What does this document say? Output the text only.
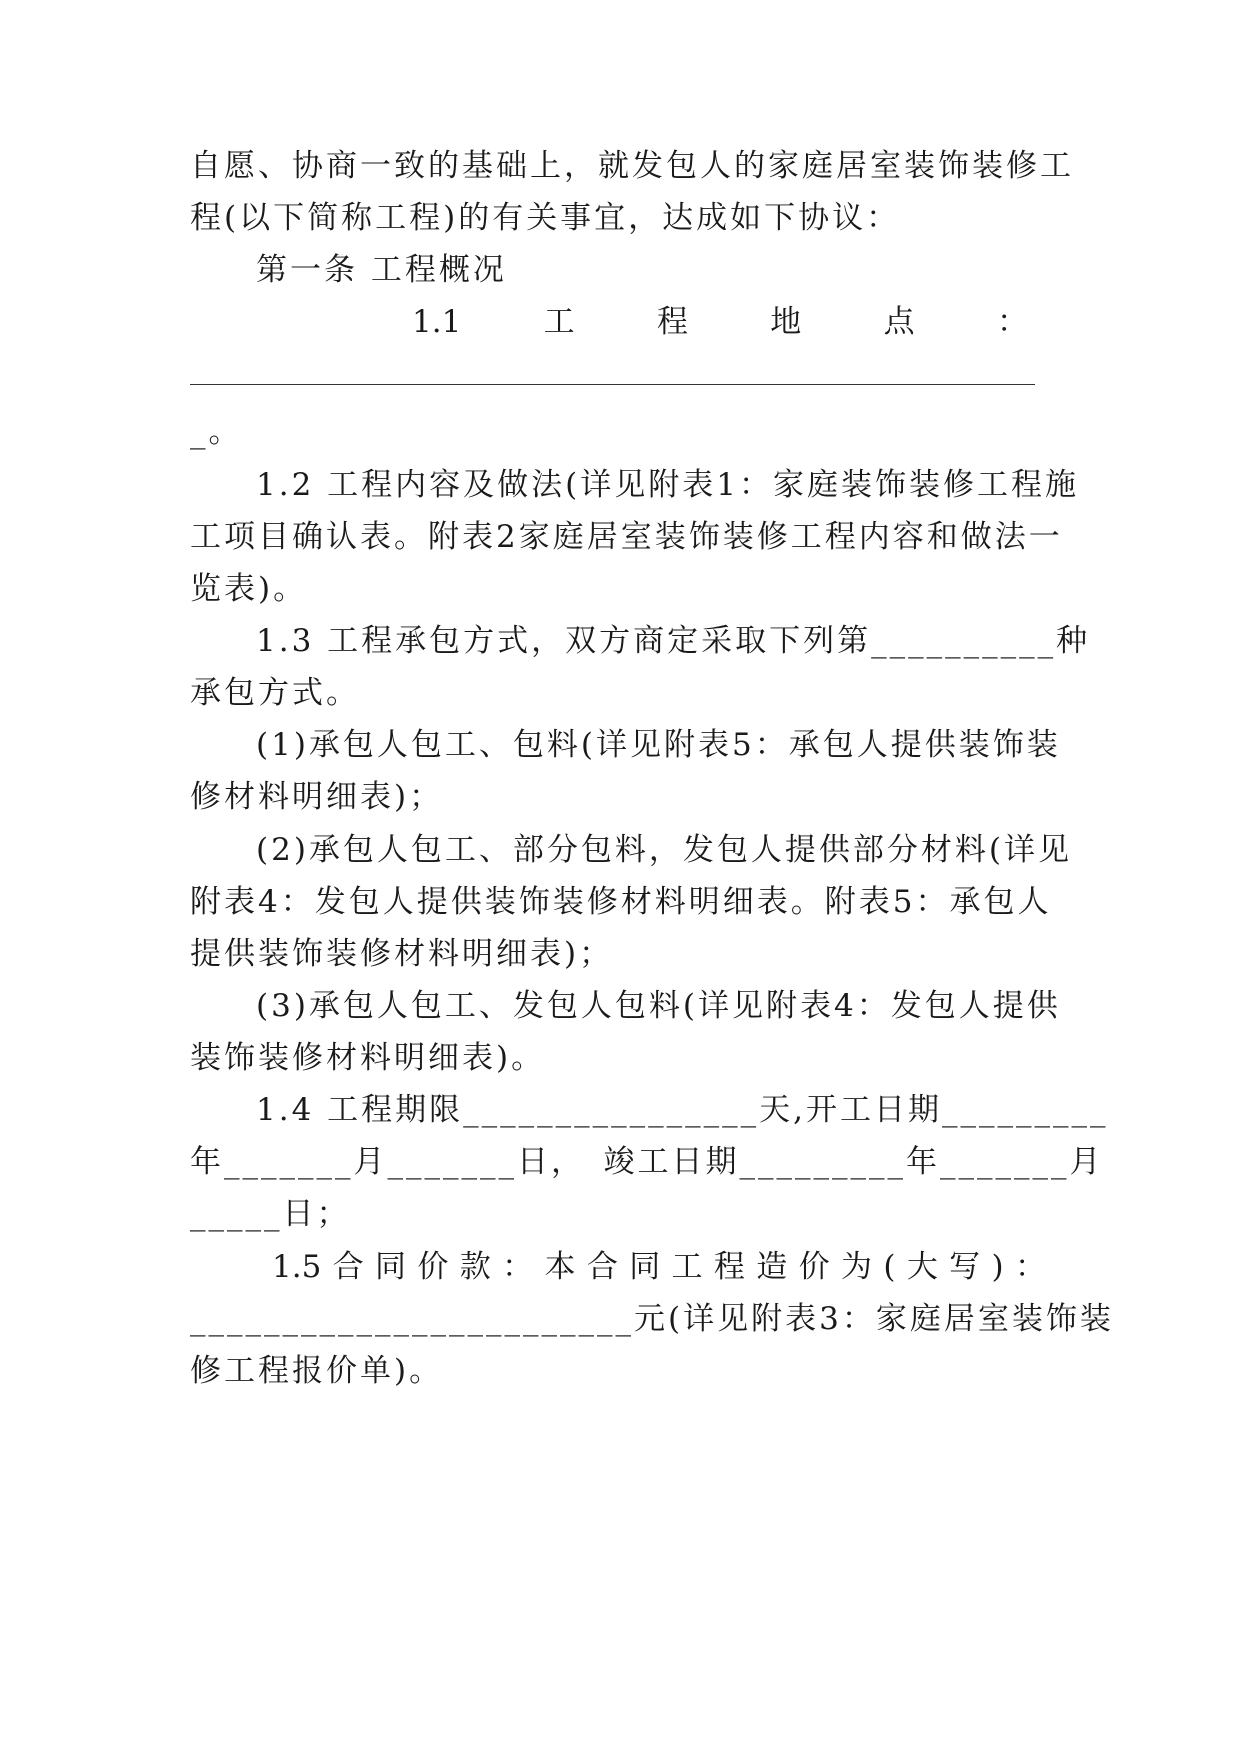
自愿、协商一致的基础上，就发包人的家庭居室装饰装修工
程(以下简称工程)的有关事宜，达成如下协议：
第一条 工程概况
1.1	工	程	地	点	：
_。
1.2 工程内容及做法(详见附表1：家庭装饰装修工程施
工项目确认表。附表2家庭居室装饰装修工程内容和做法一
览表)。
1.3 工程承包方式，双方商定采取下列第__________种
承包方式。
(1)承包人包工、包料(详见附表5：承包人提供装饰装
修材料明细表)；
(2)承包人包工、部分包料，发包人提供部分材料(详见
附表4：发包人提供装饰装修材料明细表。附表5：承包人
提供装饰装修材料明细表)；
(3)承包人包工、发包人包料(详见附表4：发包人提供
装饰装修材料明细表)。
1.4 工程期限________________天,开工日期_________
年_______月_______日，　竣工日期_________年_______月
_____日；
1.5 合 同 价 款 ： 本 合 同 工 程 造 价 为 ( 大 写 ) ：
________________________元(详见附表3：家庭居室装饰装
修工程报价单)。
